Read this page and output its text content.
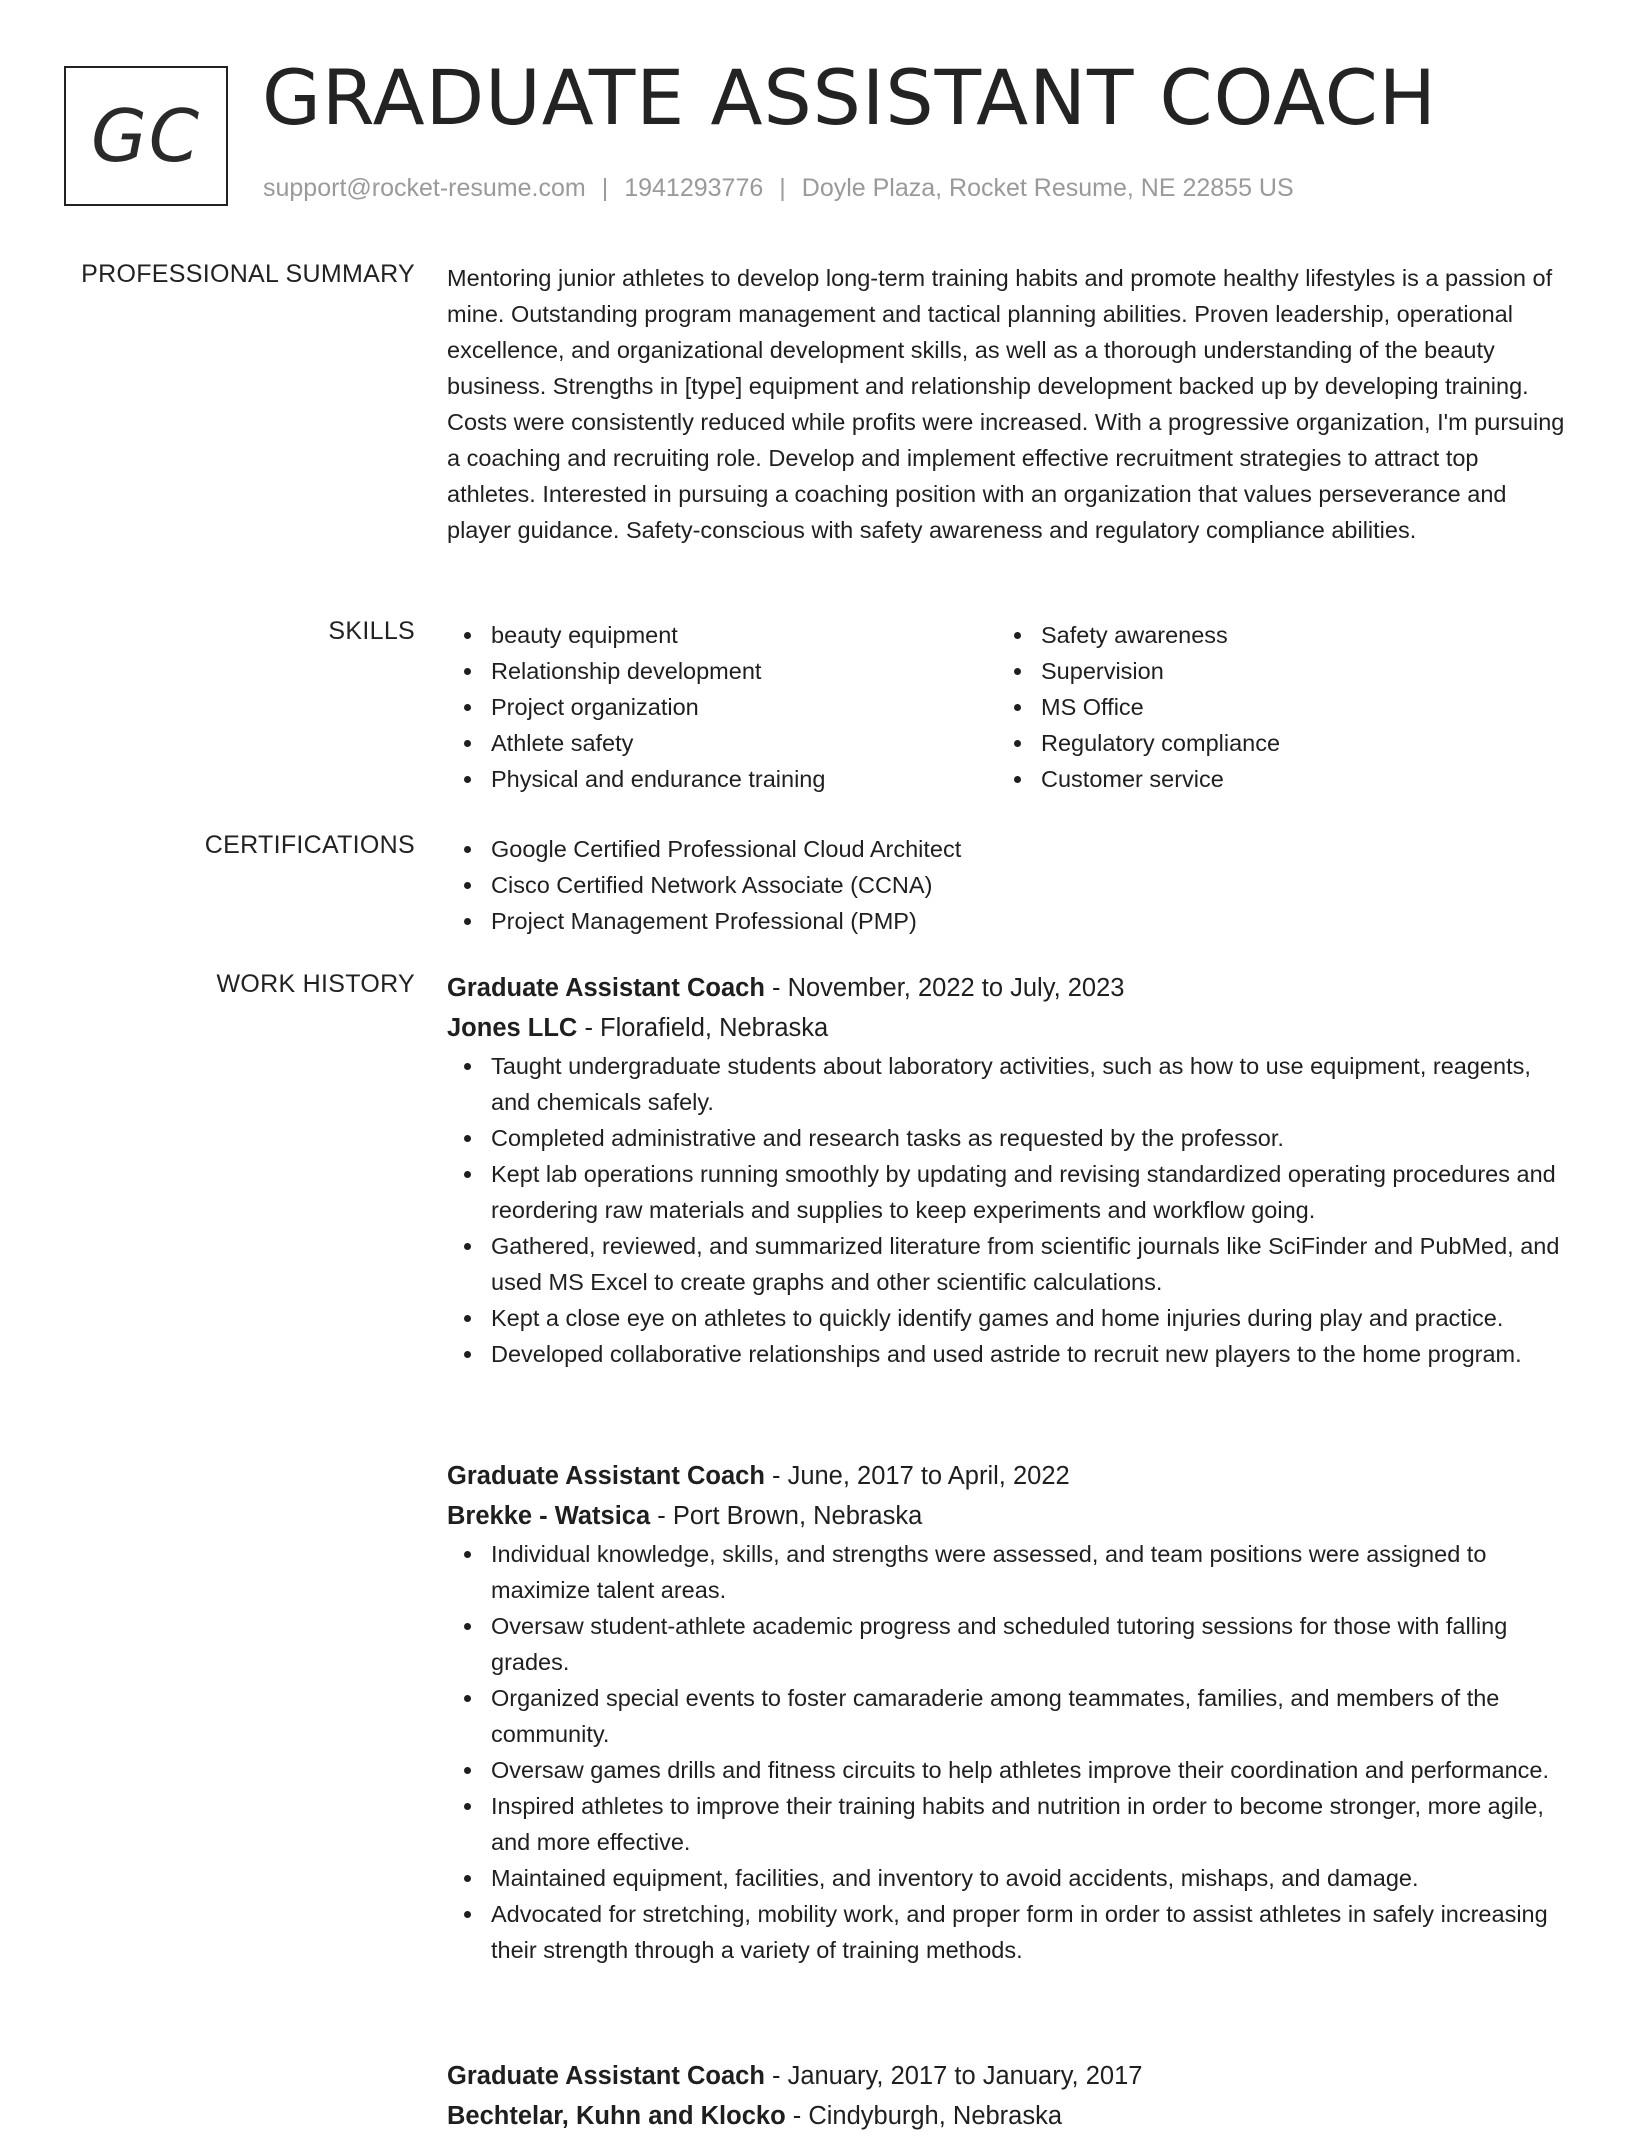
GC GRADUATE ASSISTANT COACH
support@rocket-resume.com | 1941293776 | Doyle Plaza, Rocket Resume, NE 22855 US
PROFESSIONAL SUMMARY Mentoring junior athletes to develop long-term training habits and promote healthy lifestyles is a passion of mine. Outstanding program management and tactical planning abilities. Proven leadership, operational excellence, and organizational development skills, as well as a thorough understanding of the beauty business. Strengths in [type] equipment and relationship development backed up by developing training. Costs were consistently reduced while profits were increased. With a progressive organization, I'm pursuing a coaching and recruiting role. Develop and implement effective recruitment strategies to attract top athletes. Interested in pursuing a coaching position with an organization that values perseverance and player guidance. Safety-conscious with safety awareness and regulatory compliance abilities.

SKILLS	beauty equipment
Relationship development
Project organization
Athlete safety
Physical and endurance training
Safety awareness
Supervision
MS Office
Regulatory compliance
Customer service
CERTIFICATIONS	Google Certified Professional Cloud Architect
Cisco Certified Network Associate (CCNA)
Project Management Professional (PMP)
WORK HISTORY Graduate Assistant Coach - November, 2022 to July, 2023
Jones LLC - Florafield, Nebraska
Taught undergraduate students about laboratory activities, such as how to use equipment, reagents, and chemicals safely.
Completed administrative and research tasks as requested by the professor.
Kept lab operations running smoothly by updating and revising standardized operating procedures and reordering raw materials and supplies to keep experiments and workflow going.
Gathered, reviewed, and summarized literature from scientific journals like SciFinder and PubMed, and used MS Excel to create graphs and other scientific calculations.
Kept a close eye on athletes to quickly identify games and home injuries during play and practice.
Developed collaborative relationships and used astride to recruit new players to the home program.
Graduate Assistant Coach - June, 2017 to April, 2022
Brekke - Watsica - Port Brown, Nebraska
Individual knowledge, skills, and strengths were assessed, and team positions were assigned to maximize talent areas.
Oversaw student-athlete academic progress and scheduled tutoring sessions for those with falling grades.
Organized special events to foster camaraderie among teammates, families, and members of the community.
Oversaw games drills and fitness circuits to help athletes improve their coordination and performance.
Inspired athletes to improve their training habits and nutrition in order to become stronger, more agile, and more effective.
Maintained equipment, facilities, and inventory to avoid accidents, mishaps, and damage.
Advocated for stretching, mobility work, and proper form in order to assist athletes in safely increasing their strength through a variety of training methods.
Graduate Assistant Coach - January, 2017 to January, 2017
Bechtelar, Kuhn and Klocko - Cindyburgh, Nebraska
